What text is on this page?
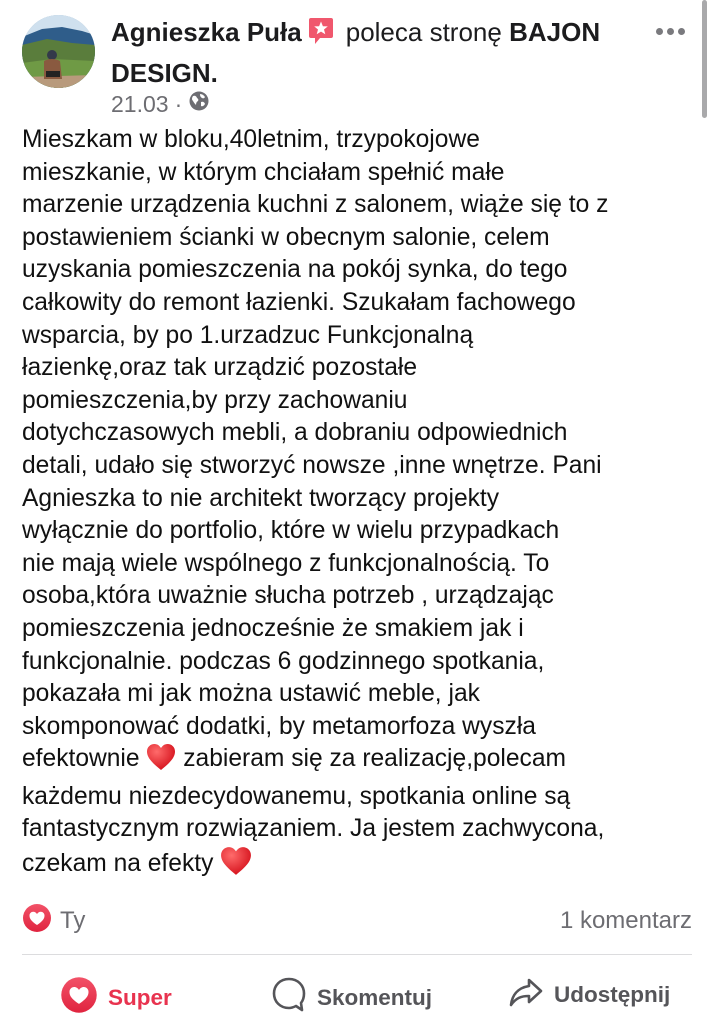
Agnieszka Puła poleca stronę BAJON
DESIGN.
21.03 ·

Mieszkam w bloku,40letnim, trzypokojowe

mieszkanie, w którym chciałam spełnić małe

marzenie urządzenia kuchni z salonem, wiąże się to z

postawieniem ścianki w obecnym salonie, celem

uzyskania pomieszczenia na pokój synka, do tego

całkowity do remont łazienki. Szukałam fachowego

wsparcia, by po 1.urzadzuc Funkcjonalną

łazienkę,oraz tak urządzić pozostałe

pomieszczenia,by przy zachowaniu

dotychczasowych mebli, a dobraniu odpowiednich

detali, udało się stworzyć nowsze ,inne wnętrze. Pani

Agnieszka to nie architekt tworzący projekty

wyłącznie do portfolio, które w wielu przypadkach

nie mają wiele wspólnego z funkcjonalnością. To

osoba,która uważnie słucha potrzeb , urządzając

pomieszczenia jednocześnie że smakiem jak i

funkcjonalnie. podczas 6 godzinnego spotkania,

pokazała mi jak można ustawić meble, jak

skomponować dodatki, by metamorfoza wyszła

efektownie  zabieram się za realizację,polecam

każdemu niezdecydowanemu, spotkania online są

fantastycznym rozwiązaniem. Ja jestem zachwycona,

czekam na efekty

Ty	1 komentarz
Super	Skomentuj	Udostępnij
